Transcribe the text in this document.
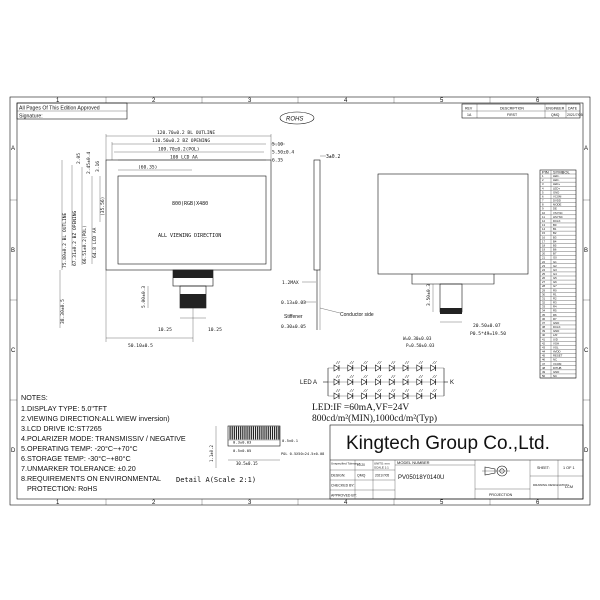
1	2	3	4	5	6
1	2	3	4	5	6
A
B
C
D
A
B
C
D
All Pages Of This Edition Approved
Signature:	ROHS
REV	DESCRIPTION	ENGINEER DATE
1A	FIRST	QMQ 2021/7/05
800(RGB)X480
ALL VIEWING DIRECTION
120.70±0.2 BL OUTLINE
110.50±0.2 BZ OPENING
109.70±0.2(POL)
108 LCD AA
(60.35)
5.10
5.50±0.4
6.35
75.80±0.2 BL OUTLINE 67.31±0.2 BZ OPENING 66.51±0.2(POL) 64.8 LCD AA
(35.56)
2.05 2.45±0.4 3.16
38.30±0.5
5.00±0.3
10.25	10.25
50.10±0.5
3±0.2
1.2MAX
0.13±0.03
Conductor side
Stiffener
0.30±0.05
3.50±0.3
20.50±0.07
P0.5*49=19.50
W=0.30±0.03
P=0.50±0.03
PIN SYMBOL
1	LED-
2	LED-
3	LED+
4	LED+
5	GND
6	VCOM
7	DVDD
8	MODE
9	DE
10	VSYNC
11	HSYNC
12	DCLK
13	B0
14	B1
15	B2
16	B3
17	B4
18	B5
19	B6
20	B7
21	G0
22	G1
23	G2
24	G3
25	G4
26	G5
27	G6
28	G7
29	R0
30	R1
31	R2
32	R3
33	R4
34	R5
35	R6
36	R7
37	GND
38	DCLK
39	GND
40	L/R
41	U/D
42	VGH
43	VGL
44	AVDD
45	RESET
46	NC
47	VCOM
48	DITHB
49	GND
50	NC
LED A	K
LED:IF =60mA,VF=24V
800cd/m²(MIN),1000cd/m²(Typ)
NOTES:
1.DISPLAY TYPE: 5.0"TFT
2.VIEWING DIRECTION:ALL WIEW inversion)
3.LCD DRIVE IC:ST7265
4.POLARIZER MODE: TRANSMISSIV / NEGATIVE
5.OPERATING TEMP: -20°C~+70°C
6.STORAGE TEMP: -30°C~+80°C
7.UNMARKER TOLERANCE: ±0.20
8.REQUIREMENTS ON ENVIRONMENTAL
PROTECTION: RoHS
0.3±0.03
0.5±0.05
0.5±0.1
30.5±0.15
1.1±0.2	POL 0.5X50=24.5±0.08
Detail A(Scale 2:1)
Kingtech Group Co.,Ltd.
Unspecified Tolerance
±0.20	UNITS: mm
SCALE 1:1
DESIGN:	QMQ	2021/7/05
CHECKED BY:
APPROVED BY:
MODEL NUMBER
PV05018Y0140U
PROJECTION
SHEET:	1 OF 1
DRAWING DESIGNATION
LCM
